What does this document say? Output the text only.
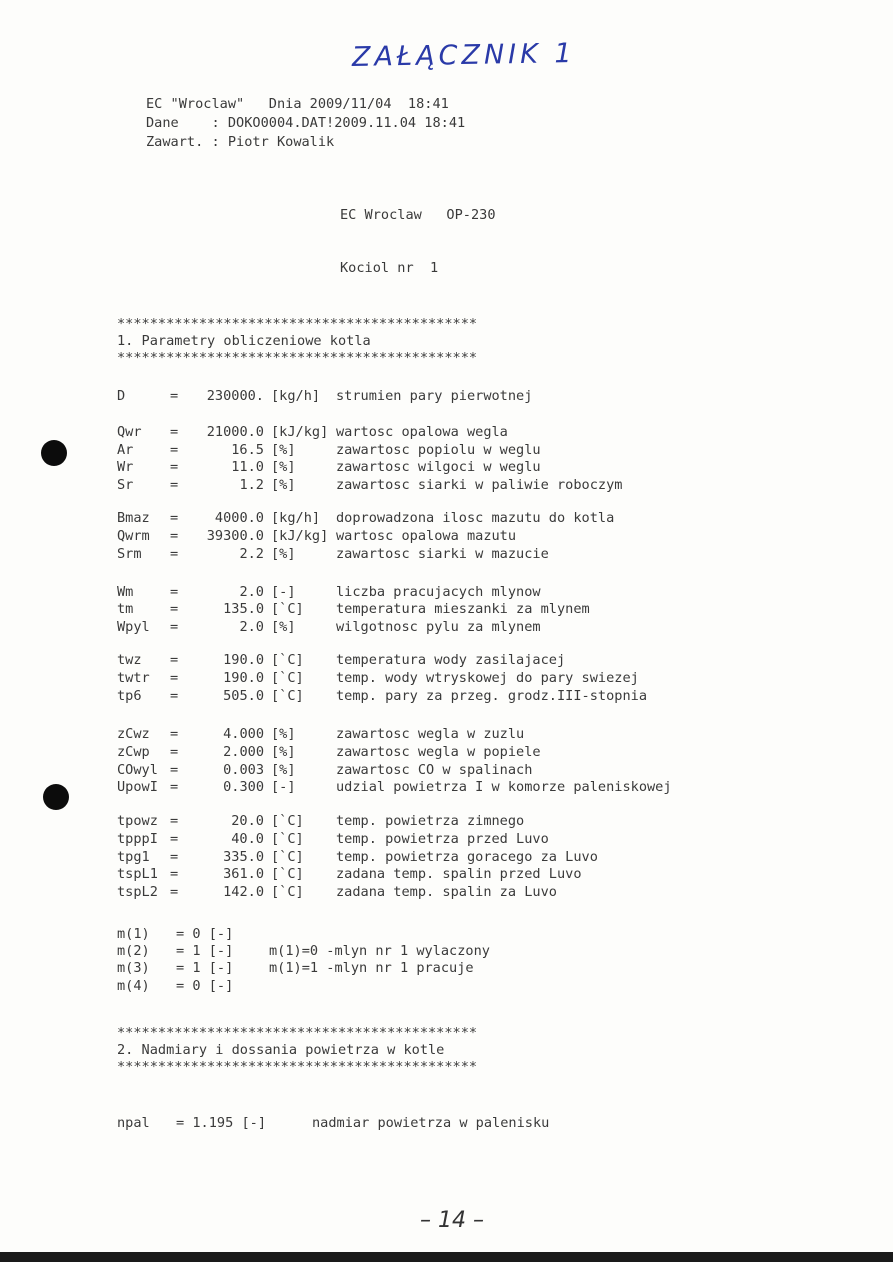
ZAŁĄCZNIK 1
EC "Wroclaw"   Dnia 2009/11/04  18:41
Dane    : DOKO0004.DAT!2009.11.04 18:41
Zawart. : Piotr Kowalik
EC Wroclaw   OP-230
Kociol nr  1
********************************************
1. Parametry obliczeniowe kotla
********************************************
D	= 230000. [kg/h] strumien pary pierwotnej
Qwr = 21000.0 [kJ/kg] wartosc opalowa wegla
Ar	=	16.5 [%]	zawartosc popiolu w weglu
Wr	=	11.0 [%]	zawartosc wilgoci w weglu
Sr	=	1.2 [%]	zawartosc siarki w paliwie roboczym
Bmaz =	4000.0 [kg/h] doprowadzona ilosc mazutu do kotla
Qwrm = 39300.0 [kJ/kg] wartosc opalowa mazutu
Srm =	2.2 [%]	zawartosc siarki w mazucie
Wm	=	2.0 [-]	liczba pracujacych mlynow
tm	=	135.0 [`C] temperatura mieszanki za mlynem
Wpyl =	2.0 [%]	wilgotnosc pylu za mlynem
twz =	190.0 [`C] temperatura wody zasilajacej
twtr =	190.0 [`C] temp. wody wtryskowej do pary swiezej
tp6 =	505.0 [`C] temp. pary za przeg. grodz.III-stopnia
zCwz =	4.000 [%]	zawartosc wegla w zuzlu
zCwp =	2.000 [%]	zawartosc wegla w popiele
COwyl =	0.003 [%]	zawartosc CO w spalinach
UpowI =	0.300 [-]	udzial powietrza I w komorze paleniskowej
tpowz =	20.0 [`C] temp. powietrza zimnego
tpppI =	40.0 [`C] temp. powietrza przed Luvo
tpg1 =	335.0 [`C] temp. powietrza goracego za Luvo
tspL1 =	361.0 [`C] zadana temp. spalin przed Luvo
tspL2 =	142.0 [`C] zadana temp. spalin za Luvo
m(1) = 0 [-]
m(2) = 1 [-]	m(1)=0 -mlyn nr 1 wylaczony
m(3) = 1 [-]	m(1)=1 -mlyn nr 1 pracuje
m(4) = 0 [-]
********************************************
2. Nadmiary i dossania powietrza w kotle
********************************************
npal = 1.195 [-]	nadmiar powietrza w palenisku
– 14 –
